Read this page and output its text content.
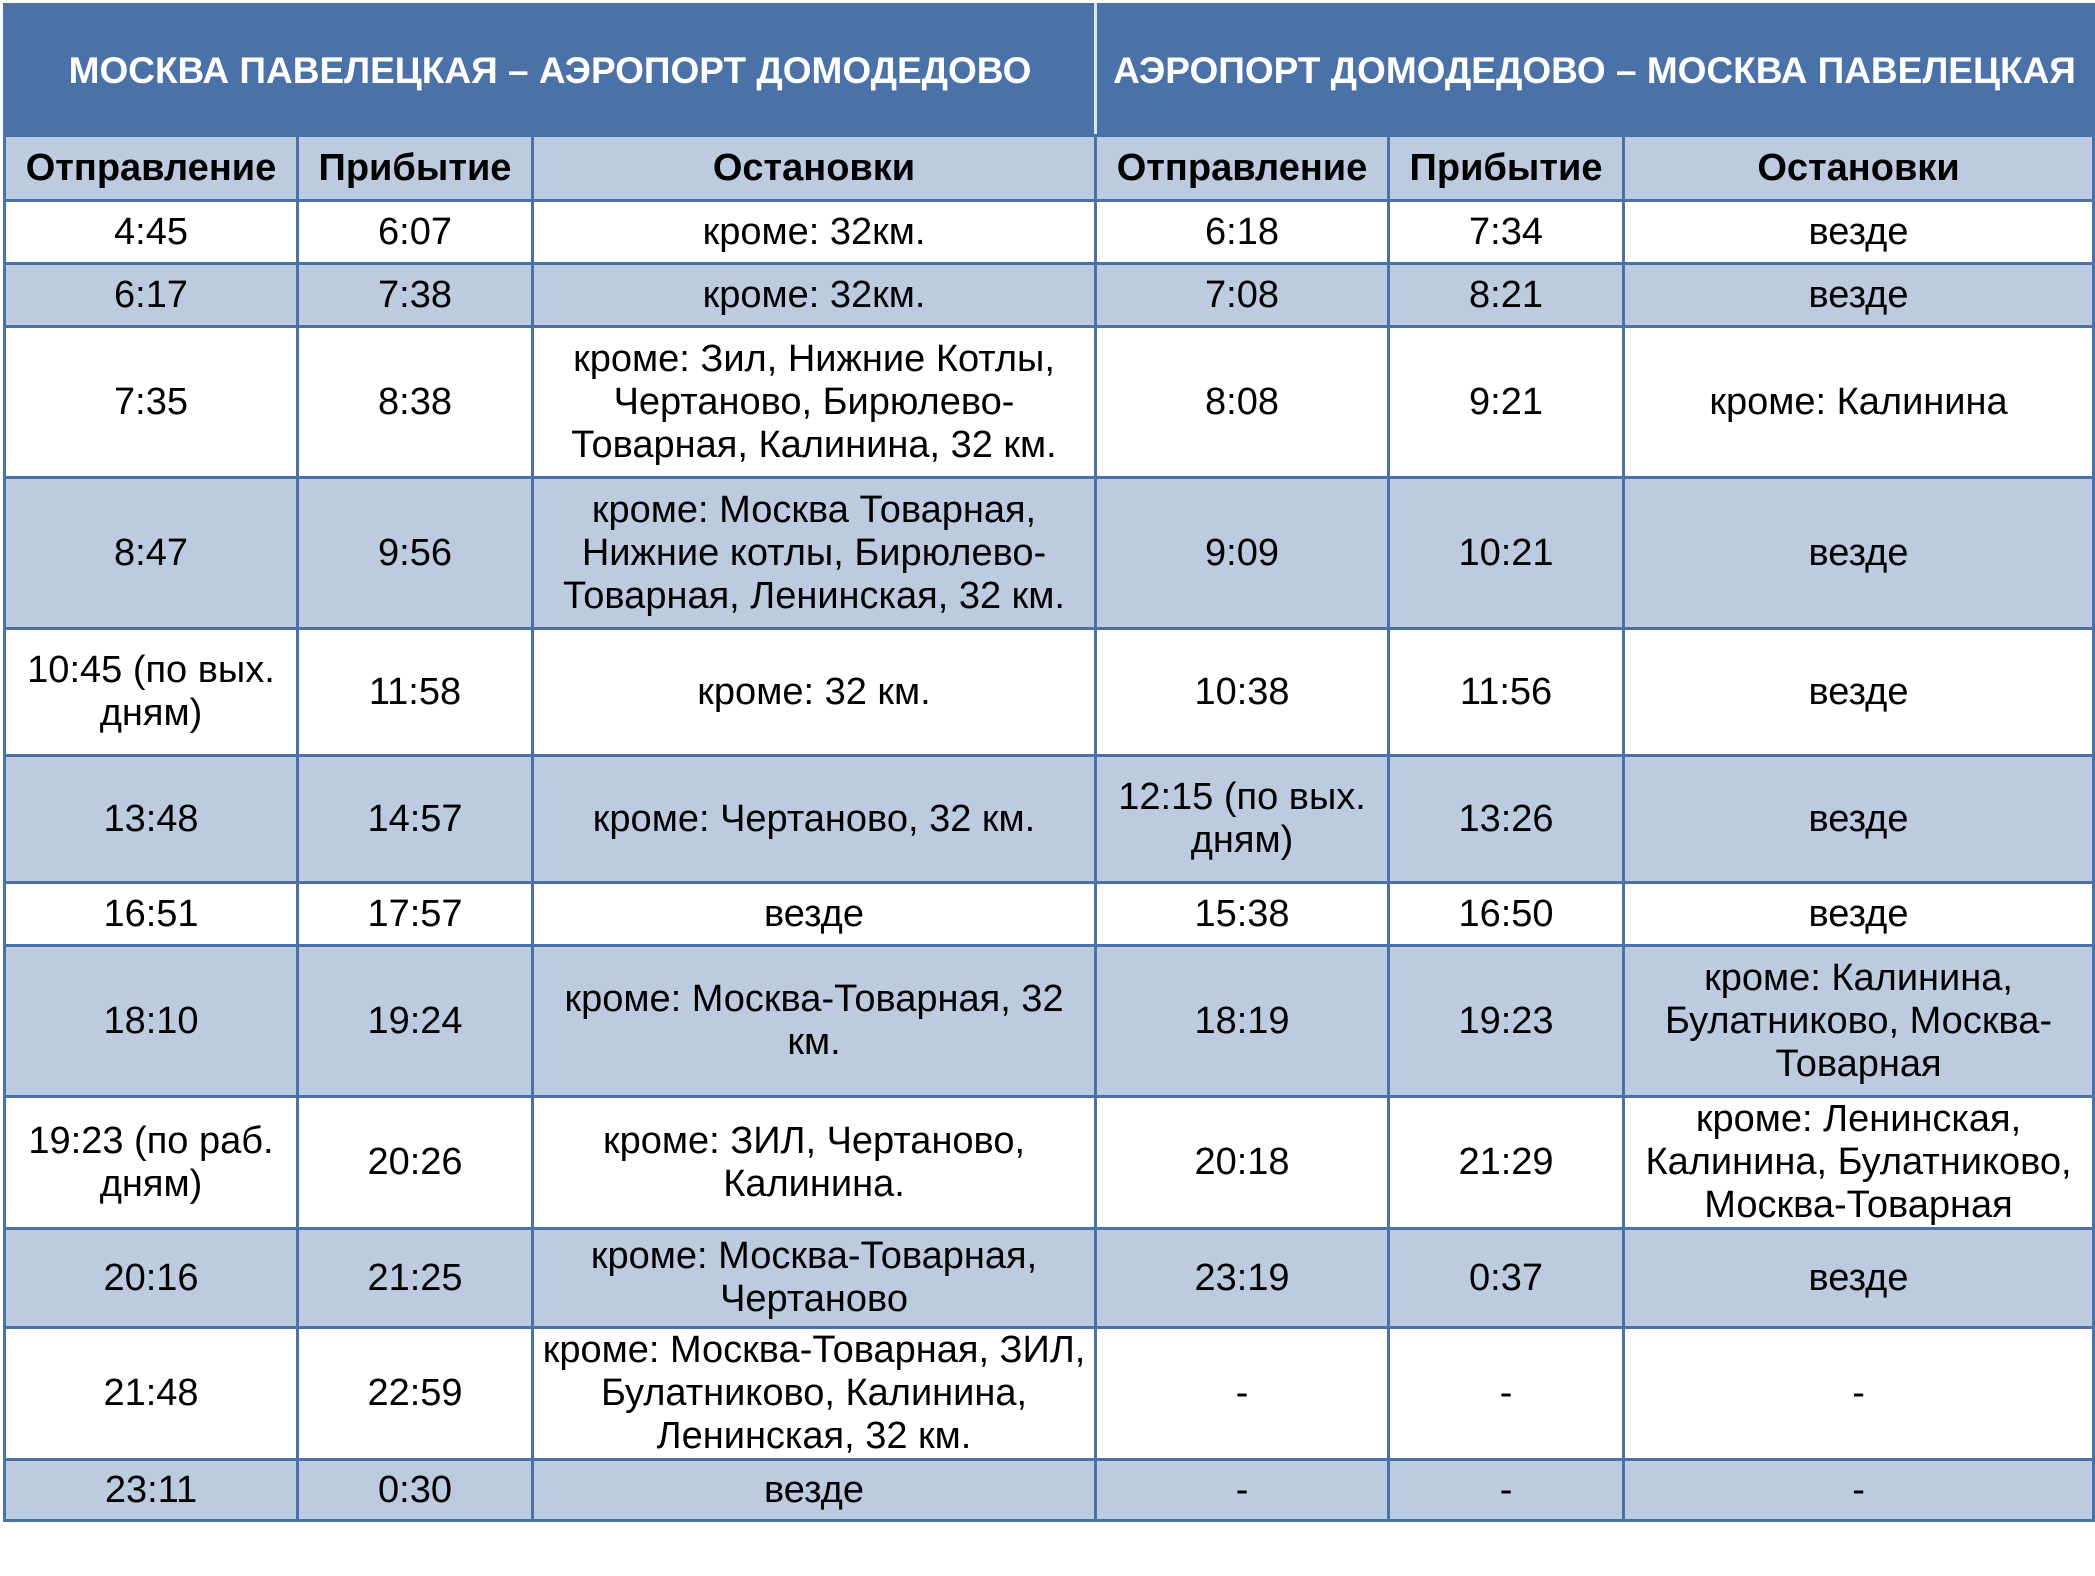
МОСКВА ПАВЕЛЕЦКАЯ – АЭРОПОРТ ДОМОДЕДОВО			АЭРОПОРТ ДОМОДЕДОВО – МОСКВА ПАВЕЛЕЦКАЯ		
Отправление	Прибытие	Остановки	Отправление	Прибытие	Остановки
4:45	6:07	кроме: 32км.	6:18	7:34	везде
6:17	7:38	кроме: 32км.	7:08	8:21	везде
7:35	8:38	кроме: Зил, Нижние Котлы, Чертаново, Бирюлево-Товарная, Калинина, 32 км.	8:08	9:21	кроме: Калинина
8:47	9:56	кроме: Москва Товарная, Нижние котлы, Бирюлево-Товарная, Ленинская, 32 км.	9:09	10:21	везде
10:45 (по вых. дням)	11:58	кроме: 32 км.	10:38	11:56	везде
13:48	14:57	кроме: Чертаново, 32 км.	12:15 (по вых. дням)	13:26	везде
16:51	17:57	везде	15:38	16:50	везде
18:10	19:24	кроме: Москва-Товарная, 32 км.	18:19	19:23	кроме: Калинина, Булатниково, Москва-Товарная
19:23 (по раб. дням)	20:26	кроме: ЗИЛ, Чертаново, Калинина.	20:18	21:29	кроме: Ленинская, Калинина, Булатниково, Москва-Товарная
20:16	21:25	кроме: Москва-Товарная, Чертаново	23:19	0:37	везде
21:48	22:59	кроме: Москва-Товарная, ЗИЛ, Булатниково, Калинина, Ленинская, 32 км.	-	-	-
23:11	0:30	везде	-	-	-
